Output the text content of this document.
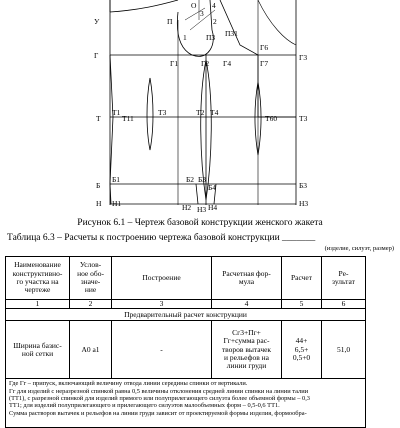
У
Г
Т
Б
Н
Г3
Т3
Б3
Н3
Г1	Г2 Г4
Г6
Г7
Т1
Т11
Т3	Т2 Т4
Т60
Б1	Б2 Б3
Б4
Н1	Н2 Н3 Н4
О
П
П3 П31
1
2
3
4
Рисунок 6.1 – Чертеж базовой конструкции женского жакета
Таблица 6.3 – Расчеты к построению чертежа базовой конструкции _______
(изделие, силуэт, размер)
Наименование
конструктивно-
го участка на
чертеже	Услов-
ное обо-
значе-
ние	Построение	Расчетная фор-
мула	Расчет	Ре-
зультат

1	2	3	4	5	6
Предварительный расчет конструкции					

Ширина базис-
ной сетки	А0 а1	-	Сг3+Пг+
Гг+сумма рас-
творов вытачек
и рельефов на
линии груди	44+
6,5+
0,5+0	51,0

Где Гг – припуск, включающий величину отвода линии середины спинки от вертикали.
Гг для изделий с неразрезной спинкой равна 0,5 величины отклонения средней линии спинки на линии талии
(ТТ1), с разрезной спинкой для изделий прямого или полуприлегающего силуэта более объемной формы – 0,3
ТТ1; для изделий полуприлегающего и прилегающего силуэтов малообъемных форм – 0,5-0,6 ТТ1.
Сумма растворов вытачек и рельефов на линии груди зависит от проектируемой формы изделия, формообра-					
